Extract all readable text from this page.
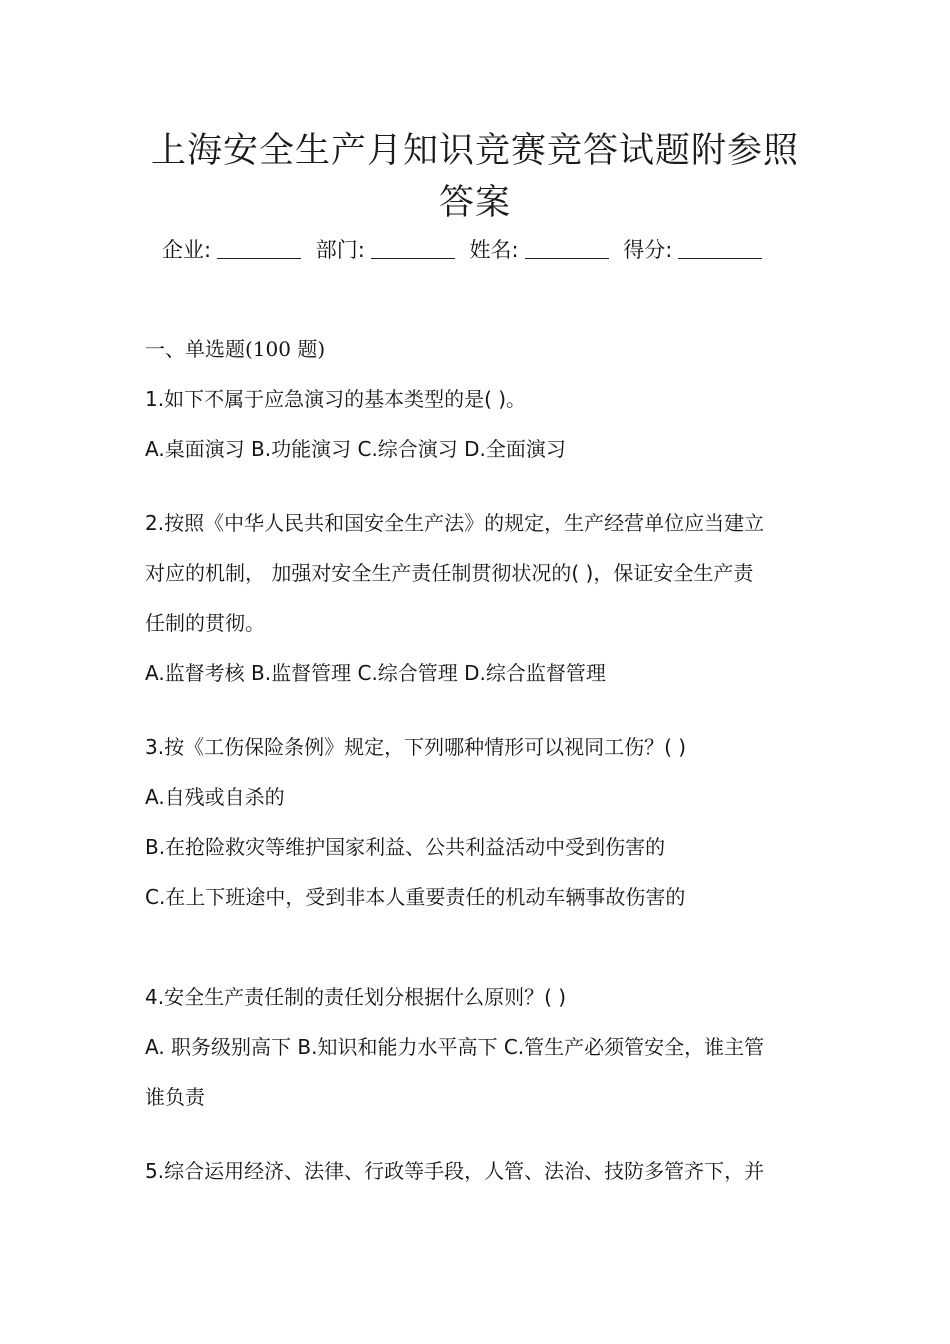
上海安全生产月知识竞赛竞答试题附参照
答案
企业:	部门:	姓名:	得分:
一、单选题(100 题)
1.如下不属于应急演习的基本类型的是( )。
A.桌面演习 B.功能演习 C.综合演习 D.全面演习
2.按照《中华人民共和国安全生产法》的规定，生产经营单位应当建立
对应的机制， 加强对安全生产责任制贯彻状况的( )，保证安全生产责
任制的贯彻。
A.监督考核 B.监督管理 C.综合管理 D.综合监督管理
3.按《工伤保险条例》规定，下列哪种情形可以视同工伤？( )
A.自残或自杀的
B.在抢险救灾等维护国家利益、公共利益活动中受到伤害的
C.在上下班途中，受到非本人重要责任的机动车辆事故伤害的
4.安全生产责任制的责任划分根据什么原则？( )
A. 职务级别高下 B.知识和能力水平高下 C.管生产必须管安全，谁主管
谁负责
5.综合运用经济、法律、行政等手段，人管、法治、技防多管齐下，并
